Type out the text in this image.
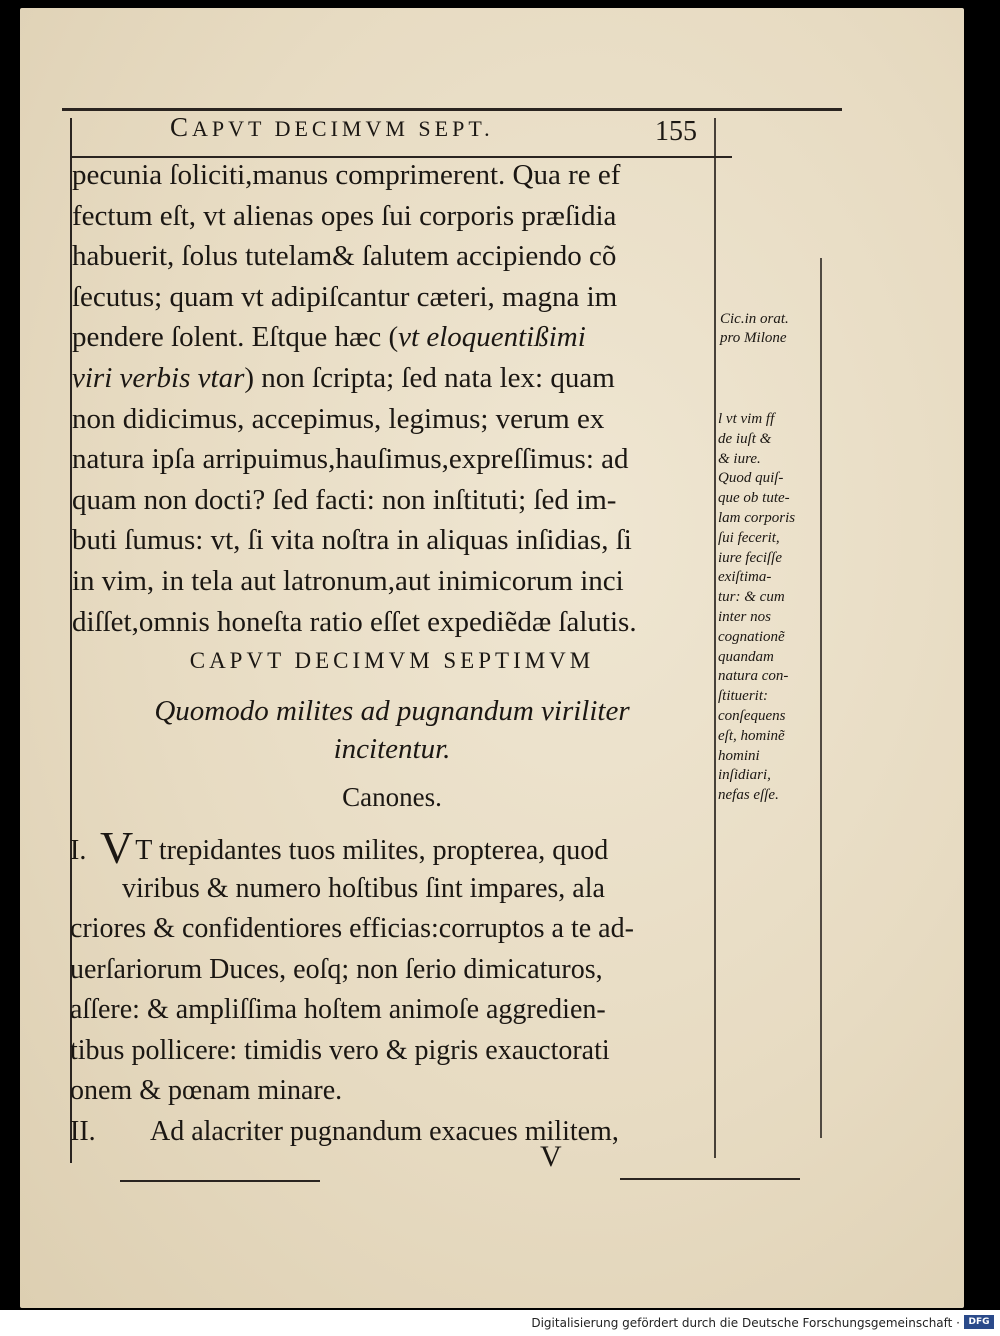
CAPVT DECIMVM SEPT.	155
pecunia ſoliciti,manus comprimerent. Qua re ef
fectum eſt, vt alienas opes ſui corporis præſidia
habuerit, ſolus tutelam& ſalutem accipiendo cõ
ſecutus; quam vt adipiſcantur cæteri, magna im
pendere ſolent. Eſtque hæc (vt eloquentißimi
viri verbis vtar) non ſcripta; ſed nata lex: quam
non didicimus, accepimus, legimus; verum ex
natura ipſa arripuimus,hauſimus,expreſſimus: ad
quam non docti? ſed facti: non inſtituti; ſed im-
buti ſumus: vt, ſi vita noſtra in aliquas inſidias, ſi
in vim, in tela aut latronum,aut inimicorum inci
diſſet,omnis honeſta ratio eſſet expediẽdæ ſalutis.
CAPVT DECIMVM SEPTIMVM
Quomodo milites ad pugnandum viriliter
incitentur.
Canones.
I. VT trepidantes tuos milites, propterea, quod
viribus & numero hoſtibus ſint impares, ala
criores & confidentiores efficias:corruptos a te ad-
uerſariorum Duces, eoſq; non ſerio dimicaturos,
aſſere: & ampliſſima hoſtem animoſe aggredien-
tibus pollicere: timidis vero & pigris exauctorati
onem & pœnam minare.
II. Ad alacriter pugnandum exacues militem,
V
Cic.in orat.
pro Milone
l vt vim ff
de iuſt &
& iure.
Quod quiſ-
que ob tute-
lam corporis
ſui fecerit,
iure feciſſe
exiſtima-
tur: & cum
inter nos
cognationẽ
quandam
natura con-
ſtituerit:
conſequens
eſt, hominẽ
homini
inſidiari,
nefas eſſe.
Digitalisierung gefördert durch die Deutsche Forschungsgemeinschaft · DFG
